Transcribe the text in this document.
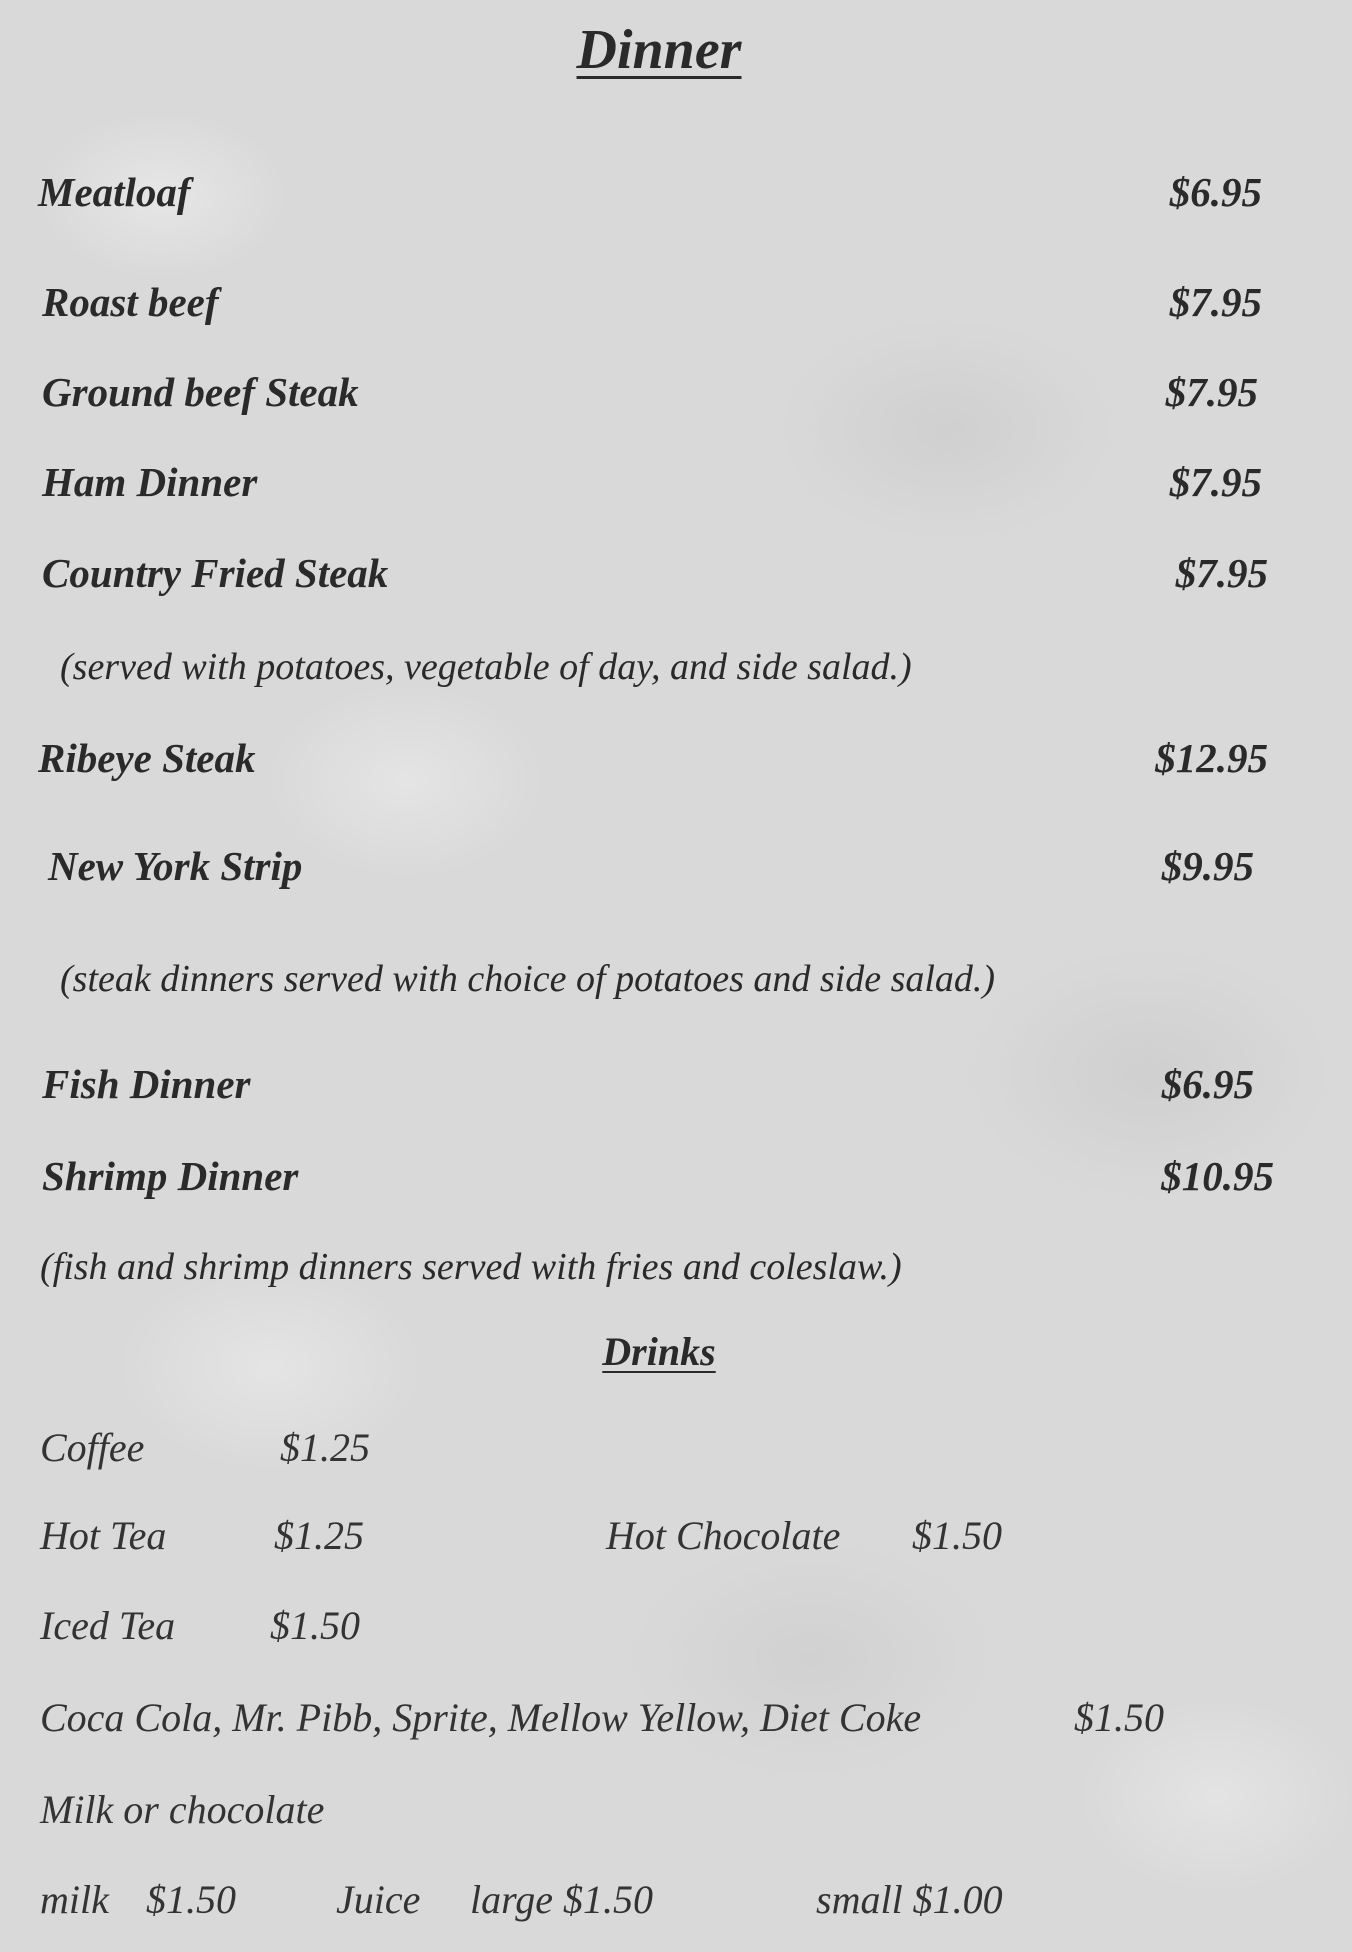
Dinner
Meatloaf	$6.95
Roast beef	$7.95
Ground beef Steak	$7.95
Ham Dinner	$7.95
Country Fried Steak	$7.95
(served with potatoes, vegetable of day, and side salad.)
Ribeye Steak	$12.95
New York Strip	$9.95
(steak dinners served with choice of potatoes and side salad.)
Fish Dinner	$6.95
Shrimp Dinner	$10.95
(fish and shrimp dinners served with fries and coleslaw.)
Drinks
Coffee	$1.25
Hot Tea	$1.25	Hot Chocolate $1.50
Iced Tea $1.50
Coca Cola, Mr. Pibb, Sprite, Mellow Yellow, Diet Coke	$1.50
Milk or chocolate
milk $1.50	Juice large $1.50	small $1.00
